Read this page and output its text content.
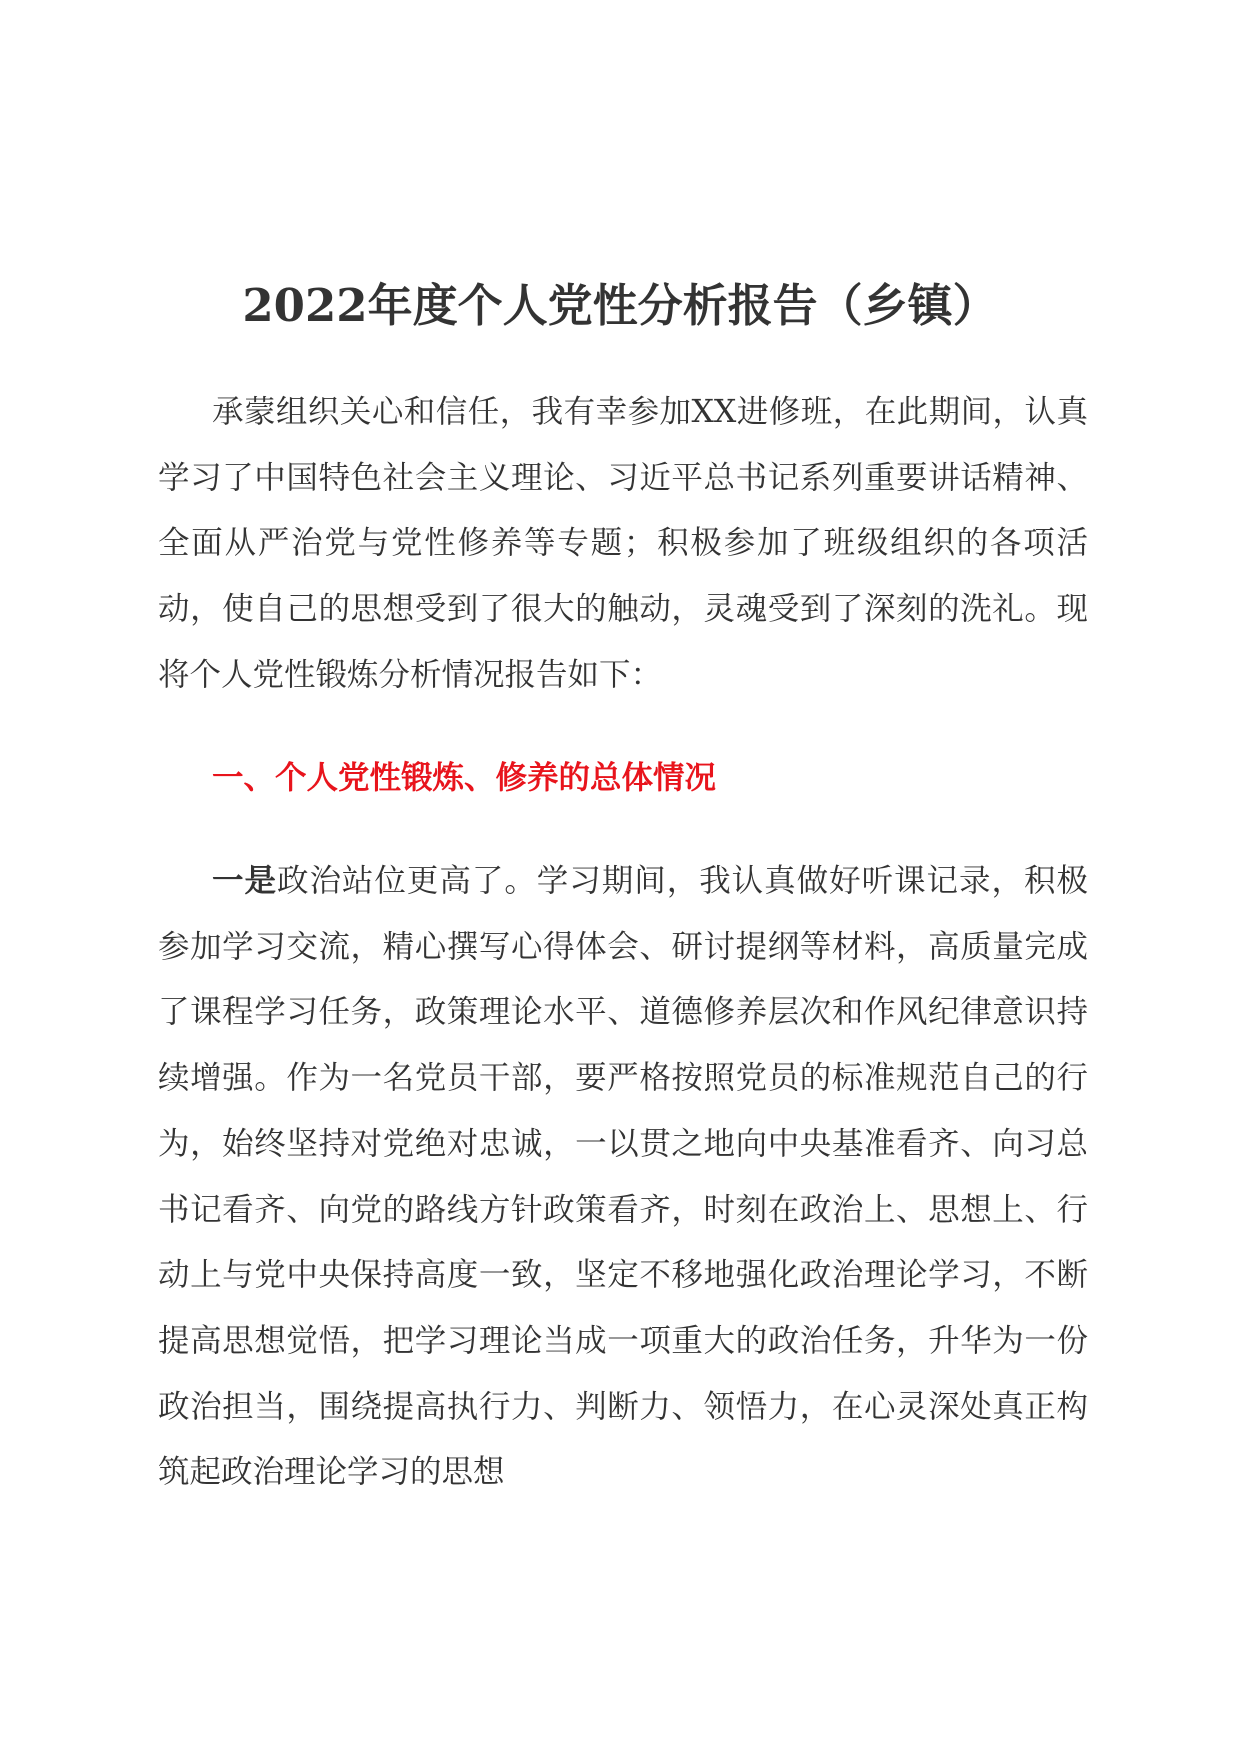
2022年度个人党性分析报告（乡镇）

承蒙组织关心和信任，我有幸参加XX进修班，在此期间，认真学习了中国特色社会主义理论、习近平总书记系列重要讲话精神、全面从严治党与党性修养等专题；积极参加了班级组织的各项活动，使自己的思想受到了很大的触动，灵魂受到了深刻的洗礼。现将个人党性锻炼分析情况报告如下：

一、个人党性锻炼、修养的总体情况

一是政治站位更高了。学习期间，我认真做好听课记录，积极参加学习交流，精心撰写心得体会、研讨提纲等材料，高质量完成了课程学习任务，政策理论水平、道德修养层次和作风纪律意识持续增强。作为一名党员干部，要严格按照党员的标准规范自己的行为，始终坚持对党绝对忠诚，一以贯之地向中央基准看齐、向习总书记看齐、向党的路线方针政策看齐，时刻在政治上、思想上、行动上与党中央保持高度一致，坚定不移地强化政治理论学习，不断提高思想觉悟，把学习理论当成一项重大的政治任务，升华为一份政治担当，围绕提高执行力、判断力、领悟力，在心灵深处真正构筑起政治理论学习的思想
